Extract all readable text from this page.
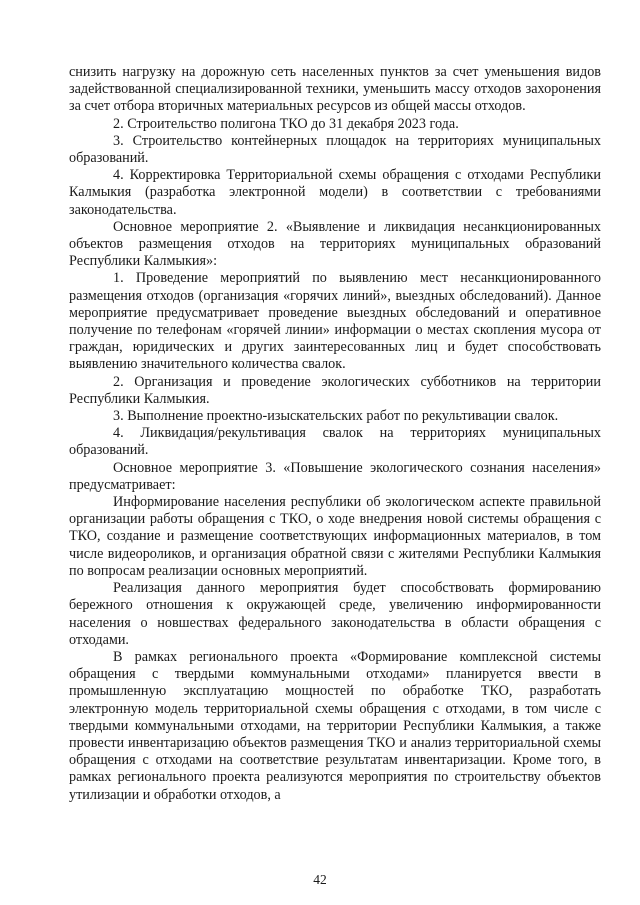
снизить нагрузку на дорожную сеть населенных пунктов за счет уменьшения видов задействованной специализированной техники, уменьшить массу отходов захоронения за счет отбора вторичных материальных ресурсов из общей массы отходов.

2. Строительство полигона ТКО до 31 декабря 2023 года.

3. Строительство контейнерных площадок на территориях муниципальных образований.

4. Корректировка Территориальной схемы обращения с отходами Республики Калмыкия (разработка электронной модели) в соответствии с требованиями законодательства.

Основное мероприятие 2. «Выявление и ликвидация несанкционированных объектов размещения отходов на территориях муниципальных образований Республики Калмыкия»:

1. Проведение мероприятий по выявлению мест несанкционированного размещения отходов (организация «горячих линий», выездных обследований). Данное мероприятие предусматривает проведение выездных обследований и оперативное получение по телефонам «горячей линии» информации о местах скопления мусора от граждан, юридических и других заинтересованных лиц и будет способствовать выявлению значительного количества свалок.

2. Организация и проведение экологических субботников на территории Республики Калмыкия.

3. Выполнение проектно-изыскательских работ по рекультивации свалок.

4. Ликвидация/рекультивация свалок на территориях муниципальных образований.

Основное мероприятие 3. «Повышение экологического сознания населения» предусматривает:

Информирование населения республики об экологическом аспекте правильной организации работы обращения с ТКО, о ходе внедрения новой системы обращения с ТКО, создание и размещение соответствующих информационных материалов, в том числе видеороликов, и организация обратной связи с жителями Республики Калмыкия по вопросам реализации основных мероприятий.

Реализация данного мероприятия будет способствовать формированию бережного отношения к окружающей среде, увеличению информированности населения о новшествах федерального законодательства в области обращения с отходами.

В рамках регионального проекта «Формирование комплексной системы обращения с твердыми коммунальными отходами» планируется ввести в промышленную эксплуатацию мощностей по обработке ТКО, разработать электронную модель территориальной схемы обращения с отходами, в том числе с твердыми коммунальными отходами, на территории Республики Калмыкия, а также провести инвентаризацию объектов размещения ТКО и анализ территориальной схемы обращения с отходами на соответствие результатам инвентаризации. Кроме того, в рамках регионального проекта реализуются мероприятия по строительству объектов утилизации и обработки отходов, а

42
